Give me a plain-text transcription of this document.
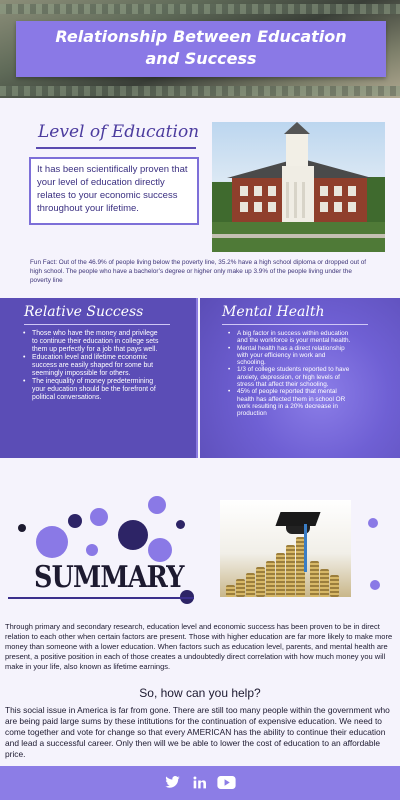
Relationship Between Education
and Success
Level of Education
It has been scientifically proven that your level of education directly relates to your economic success throughout your lifetime.
Fun Fact: Out of the 46.9% of people living below the poverty line, 35.2% have a high school diploma or dropped out of high school. The people who have a bachelor’s degree or higher only make up 3.9% of the people living under the poverty line
Relative Success
• Those who have the money and privilege to continue their education in college sets them up perfectly for a job that pays well.
• Education level and lifetime economic success are easily shaped for some but seemingly impossible for others.
• The inequality of money predetermining your education should be the forefront of political conversations.
Mental Health
• A big factor in success within education and the workforce is your mental health.
• Mental health has a direct relationship with your efficiency in work and schooling.
• 1/3 of college students reported to have anxiety, depression, or high levels of stress that affect their schooling.
• 45% of people reported that mental health has affected them in school OR work resulting in a 20% decrease in production
SUMMARY
Through primary and secondary research, education level and economic success has been proven to be in direct relation to each other when certain factors are present. Those with higher education are far more likely to make more money than someone with a lower education. When factors such as education level, parents, and mental health are present, a positive position in each of those creates a undoubtedly direct correlation with how much money you will make in your life, also known as lifetime earnings.
So, how can you help?
This social issue in America is far from gone. There are still too many people within the government who are being paid large sums by these intitutions for the continuation of expensive education. We need to come together and vote for change so that every AMERICAN has the ability to continue their education and lead a successful career. Only then will we be able to lower the cost of education to an affordable price.
